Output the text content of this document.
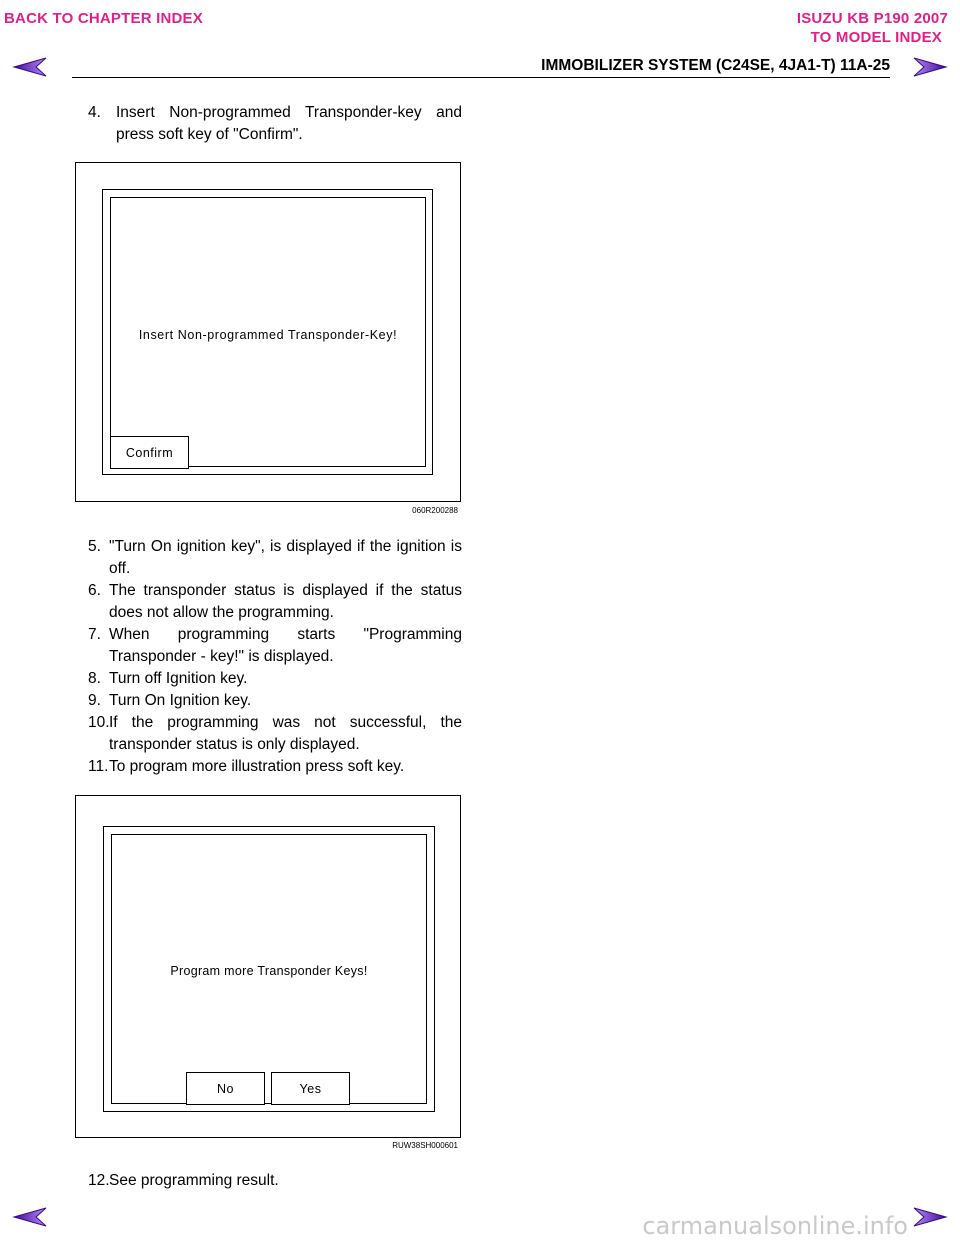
BACK TO CHAPTER INDEX	ISUZU KB P190 2007
TO MODEL INDEX
IMMOBILIZER SYSTEM (C24SE, 4JA1-T) 11A-25
4. Insert Non-programmed Transponder-key and
press soft key of "Confirm".
Insert Non-programmed Transponder-Key!
Confirm
060R200288
5. "Turn On ignition key", is displayed if the ignition is
off.
6. The transponder status is displayed if the status
does not allow the programming.
7. When      programming      starts      "Programming
Transponder - key!" is displayed.
8. Turn off Ignition key.
9. Turn On Ignition key.
10.If   the   programming   was   not   successful,   the
transponder status is only displayed.
11.To program more illustration press soft key.
Program more Transponder Keys!
No	Yes
RUW38SH000601
12.See programming result.
carmanualsonline.info
